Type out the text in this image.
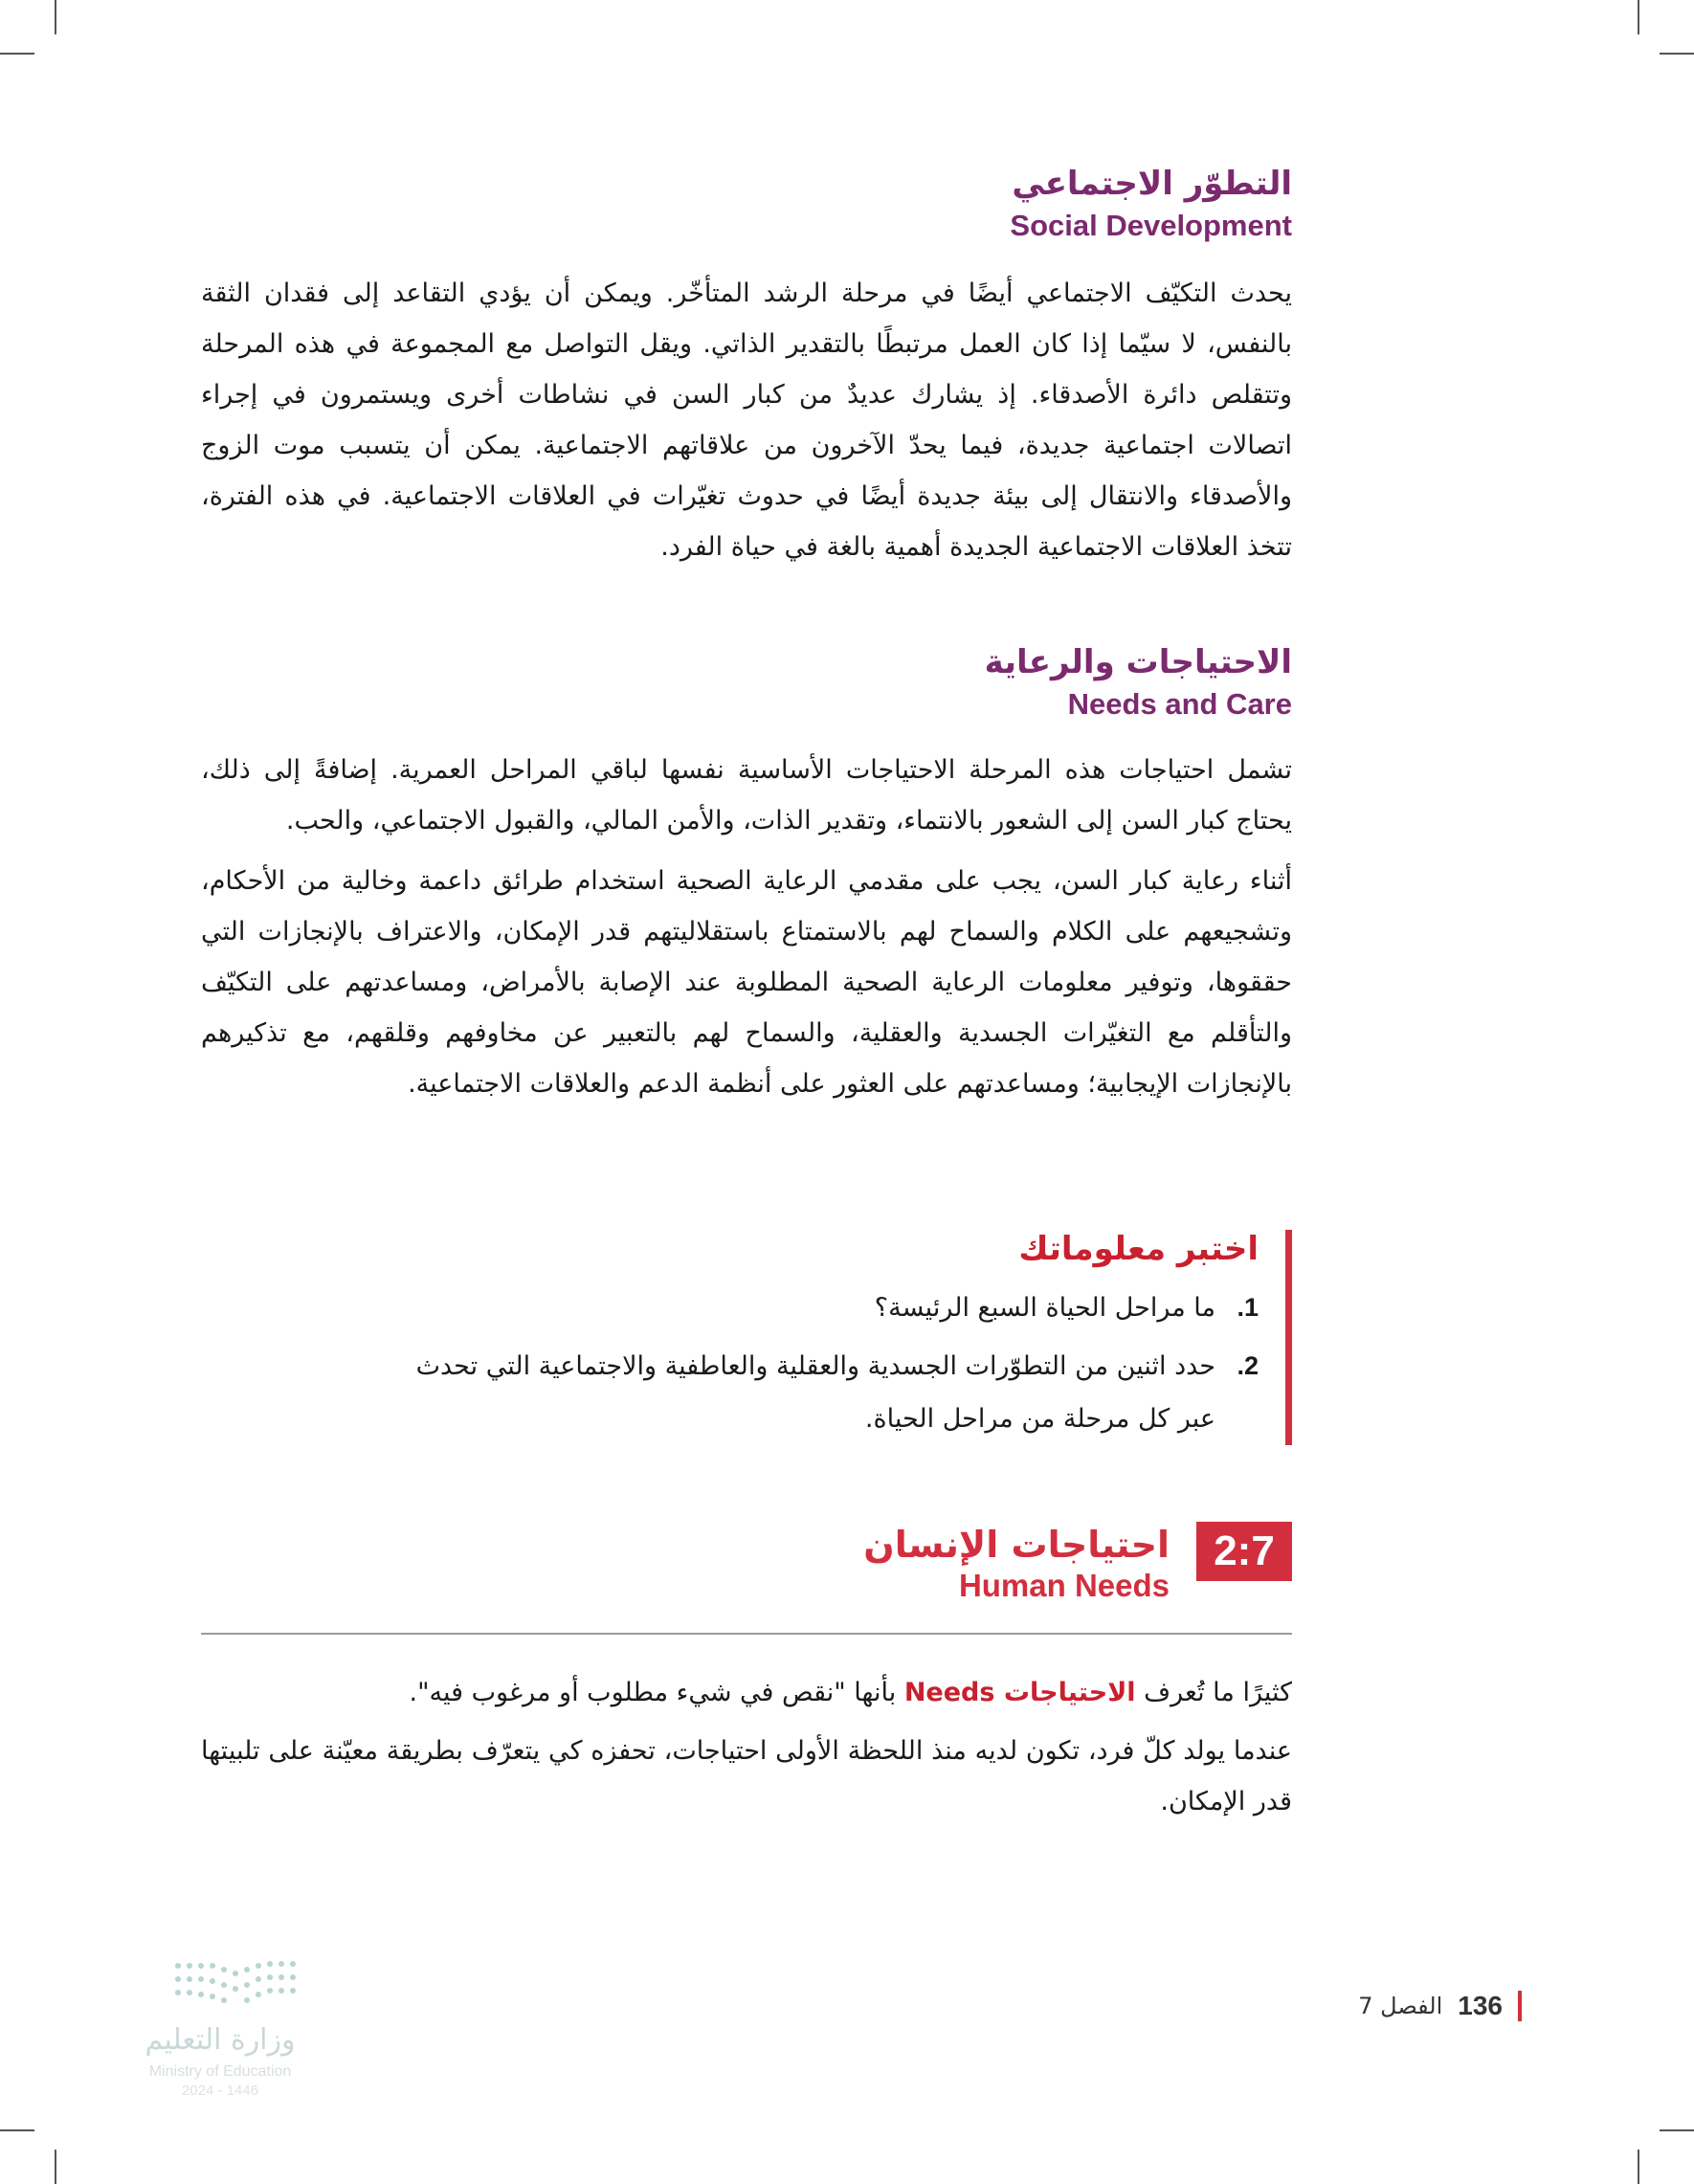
التطوّر الاجتماعي
Social Development

يحدث التكيّف الاجتماعي أيضًا في مرحلة الرشد المتأخّر. ويمكن أن يؤدي التقاعد إلى فقدان الثقة بالنفس، لا سيّما إذا كان العمل مرتبطًا بالتقدير الذاتي. ويقل التواصل مع المجموعة في هذه المرحلة وتتقلص دائرة الأصدقاء. إذ يشارك عديدٌ من كبار السن في نشاطات أخرى ويستمرون في إجراء اتصالات اجتماعية جديدة، فيما يحدّ الآخرون من علاقاتهم الاجتماعية. يمكن أن يتسبب موت الزوج والأصدقاء والانتقال إلى بيئة جديدة أيضًا في حدوث تغيّرات في العلاقات الاجتماعية. في هذه الفترة، تتخذ العلاقات الاجتماعية الجديدة أهمية بالغة في حياة الفرد.

الاحتياجات والرعاية
Needs and Care

تشمل احتياجات هذه المرحلة الاحتياجات الأساسية نفسها لباقي المراحل العمرية. إضافةً إلى ذلك، يحتاج كبار السن إلى الشعور بالانتماء، وتقدير الذات، والأمن المالي، والقبول الاجتماعي، والحب.

أثناء رعاية كبار السن، يجب على مقدمي الرعاية الصحية استخدام طرائق داعمة وخالية من الأحكام، وتشجيعهم على الكلام والسماح لهم بالاستمتاع باستقلاليتهم قدر الإمكان، والاعتراف بالإنجازات التي حققوها، وتوفير معلومات الرعاية الصحية المطلوبة عند الإصابة بالأمراض، ومساعدتهم على التكيّف والتأقلم مع التغيّرات الجسدية والعقلية، والسماح لهم بالتعبير عن مخاوفهم وقلقهم، مع تذكيرهم بالإنجازات الإيجابية؛ ومساعدتهم على العثور على أنظمة الدعم والعلاقات الاجتماعية.

اختبر معلوماتك
1.
ما مراحل الحياة السبع الرئيسة؟
2.
حدد اثنين من التطوّرات الجسدية والعقلية والعاطفية والاجتماعية التي تحدث عبر كل مرحلة من مراحل الحياة.
2:7
احتياجات الإنسان
Human Needs

كثيرًا ما تُعرف الاحتياجات Needs بأنها "نقص في شيء مطلوب أو مرغوب فيه".

عندما يولد كلّ فرد، تكون لديه منذ اللحظة الأولى احتياجات، تحفزه كي يتعرّف بطريقة معيّنة على تلبيتها قدر الإمكان.

136
الفصل 7

وزارة التعليم

Ministry of Education

2024 - 1446
